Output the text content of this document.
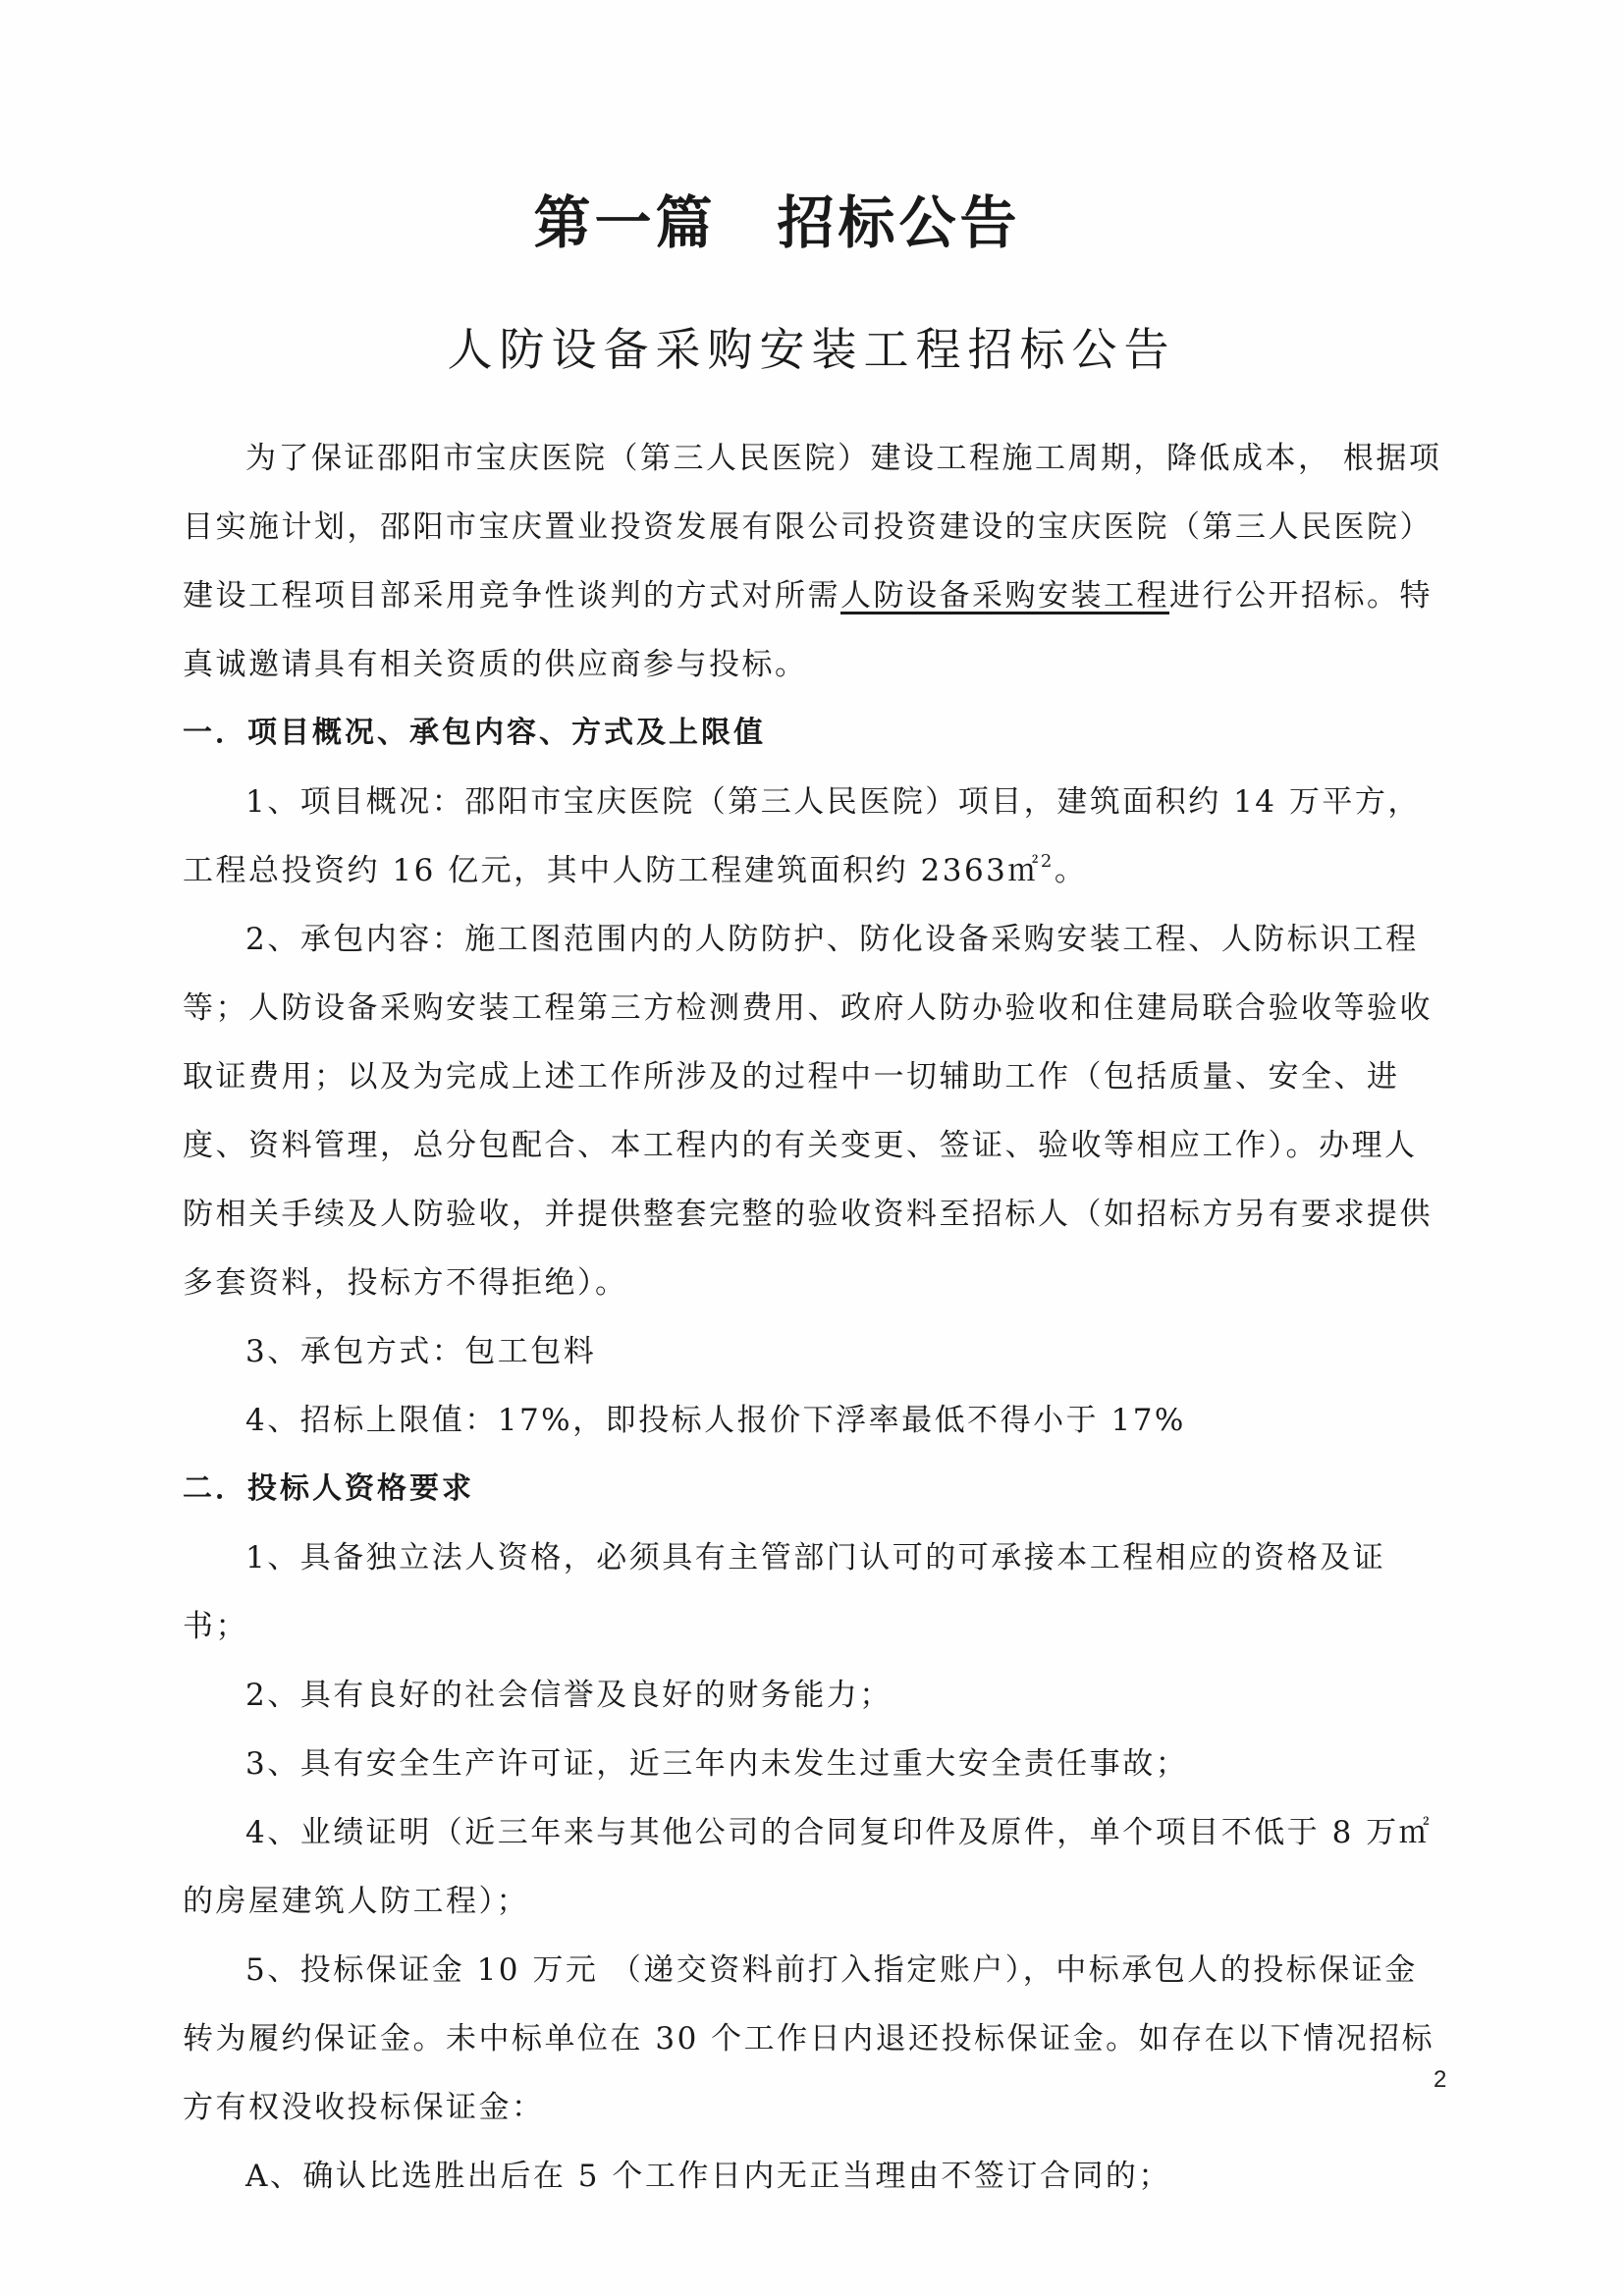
第一篇 招标公告
人防设备采购安装工程招标公告

为了保证邵阳市宝庆医院（第三人民医院）建设工程施工周期，降低成本， 根据项目实施计划，邵阳市宝庆置业投资发展有限公司投资建设的宝庆医院（第三人民医院）建设工程项目部采用竞争性谈判的方式对所需人防设备采购安装工程进行公开招标。特真诚邀请具有相关资质的供应商参与投标。

一．项目概况、承包内容、方式及上限值

1、项目概况：邵阳市宝庆医院（第三人民医院）项目，建筑面积约 14 万平方，工程总投资约 16 亿元，其中人防工程建筑面积约 2363㎡$^2$。

2、承包内容：施工图范围内的人防防护、防化设备采购安装工程、人防标识工程等；人防设备采购安装工程第三方检测费用、政府人防办验收和住建局联合验收等验收取证费用；以及为完成上述工作所涉及的过程中一切辅助工作（包括质量、安全、进度、资料管理，总分包配合、本工程内的有关变更、签证、验收等相应工作）。办理人防相关手续及人防验收，并提供整套完整的验收资料至招标人（如招标方另有要求提供多套资料，投标方不得拒绝）。

3、承包方式：包工包料

4、招标上限值：17%，即投标人报价下浮率最低不得小于 17%

二．投标人资格要求

1、具备独立法人资格，必须具有主管部门认可的可承接本工程相应的资格及证书；

2、具有良好的社会信誉及良好的财务能力；

3、具有安全生产许可证，近三年内未发生过重大安全责任事故；

4、业绩证明（近三年来与其他公司的合同复印件及原件，单个项目不低于 8 万㎡的房屋建筑人防工程）；

5、投标保证金 10 万元 （递交资料前打入指定账户），中标承包人的投标保证金转为履约保证金。未中标单位在 30 个工作日内退还投标保证金。如存在以下情况招标方有权没收投标保证金：

A、确认比选胜出后在 5 个工作日内无正当理由不签订合同的；

2
